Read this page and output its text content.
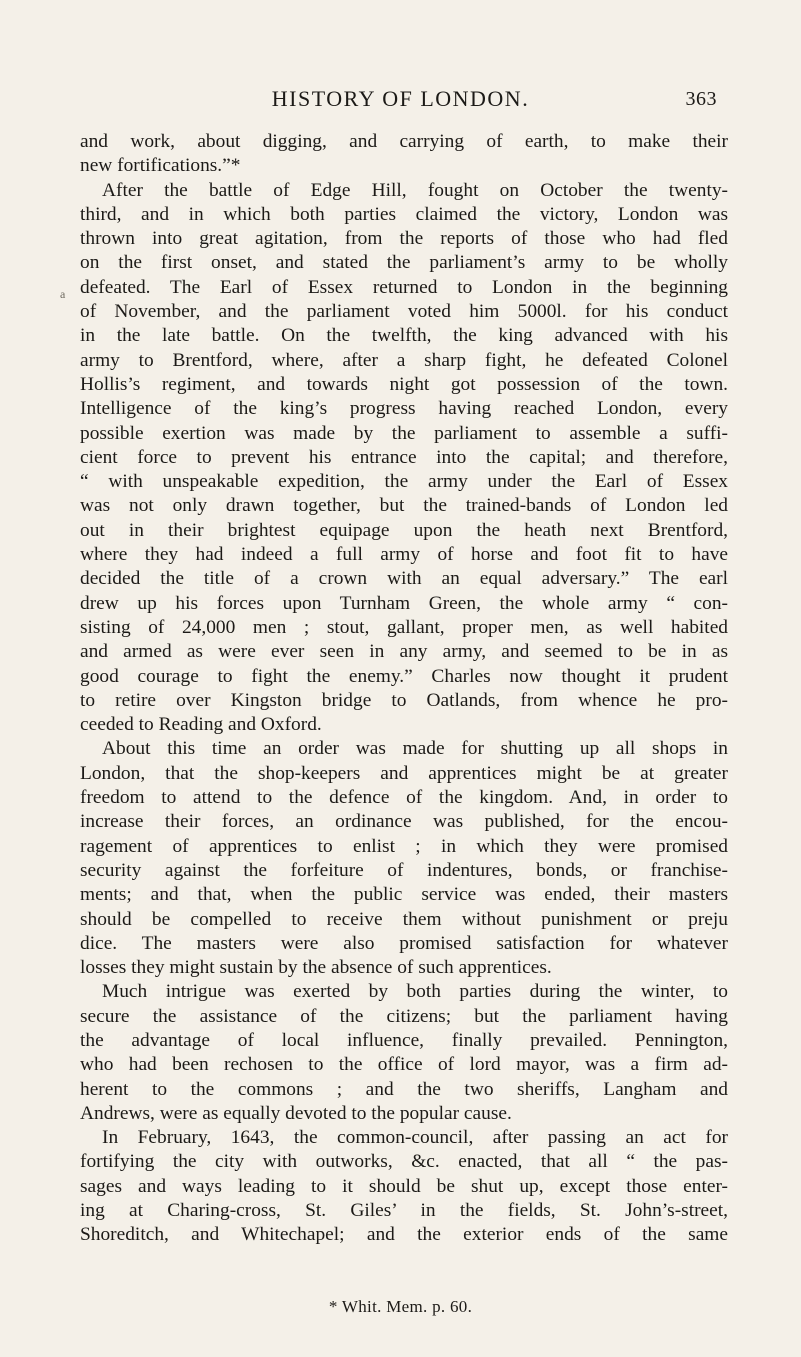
HISTORY OF LONDON.	363
a
and work, about digging, and carrying of earth, to make their
new fortifications.”*
After the battle of Edge Hill, fought on October the twenty-
third, and in which both parties claimed the victory, London was
thrown into great agitation, from the reports of those who had fled
on the first onset, and stated the parliament’s army to be wholly
defeated. The Earl of Essex returned to London in the beginning
of November, and the parliament voted him 5000l. for his conduct
in the late battle. On the twelfth, the king advanced with his
army to Brentford, where, after a sharp fight, he defeated Colonel
Hollis’s regiment, and towards night got possession of the town.
Intelligence of the king’s progress having reached London, every
possible exertion was made by the parliament to assemble a suffi-
cient force to prevent his entrance into the capital; and therefore,
“ with unspeakable expedition, the army under the Earl of Essex
was not only drawn together, but the trained-bands of London led
out in their brightest equipage upon the heath next Brentford,
where they had indeed a full army of horse and foot fit to have
decided the title of a crown with an equal adversary.” The earl
drew up his forces upon Turnham Green, the whole army “ con-
sisting of 24,000 men ; stout, gallant, proper men, as well habited
and armed as were ever seen in any army, and seemed to be in as
good courage to fight the enemy.” Charles now thought it prudent
to retire over Kingston bridge to Oatlands, from whence he pro-
ceeded to Reading and Oxford.
About this time an order was made for shutting up all shops in
London, that the shop-keepers and apprentices might be at greater
freedom to attend to the defence of the kingdom. And, in order to
increase their forces, an ordinance was published, for the encou-
ragement of apprentices to enlist ; in which they were promised
security against the forfeiture of indentures, bonds, or franchise-
ments; and that, when the public service was ended, their masters
should be compelled to receive them without punishment or preju
dice. The masters were also promised satisfaction for whatever
losses they might sustain by the absence of such apprentices.
Much intrigue was exerted by both parties during the winter, to
secure the assistance of the citizens; but the parliament having
the advantage of local influence, finally prevailed. Pennington,
who had been rechosen to the office of lord mayor, was a firm ad-
herent to the commons ; and the two sheriffs, Langham and
Andrews, were as equally devoted to the popular cause.
In February, 1643, the common-council, after passing an act for
fortifying the city with outworks, &c. enacted, that all “ the pas-
sages and ways leading to it should be shut up, except those enter-
ing at Charing-cross, St. Giles’ in the fields, St. John’s-street,
Shoreditch, and Whitechapel; and the exterior ends of the same
* Whit. Mem. p. 60.
